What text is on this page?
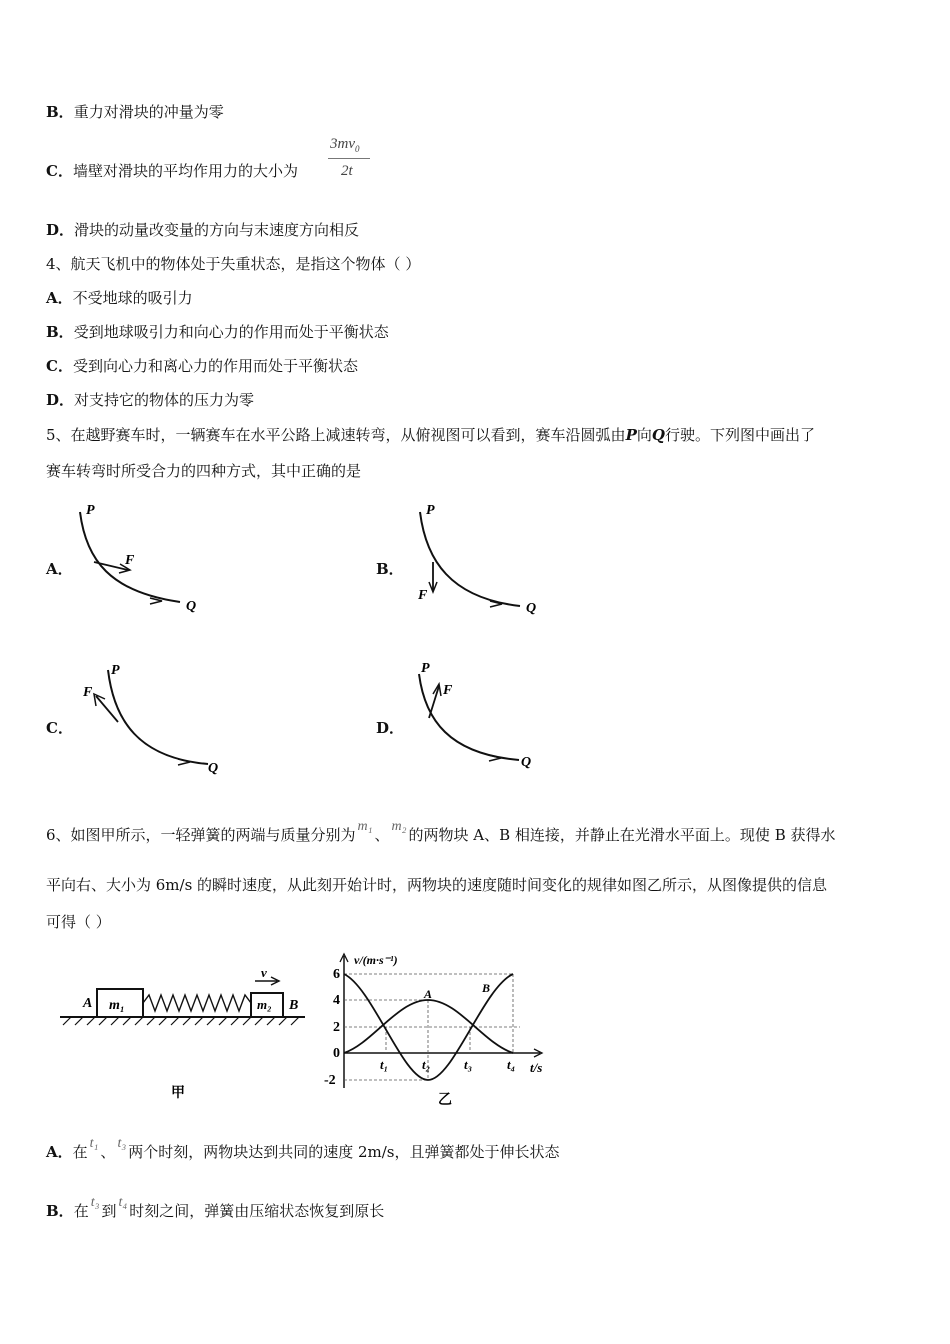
B．重力对滑块的冲量为零
C．墙壁对滑块的平均作用力的大小为
$3mv_0$
2t
D．滑块的动量改变量的方向与末速度方向相反
4、航天飞机中的物体处于失重状态，是指这个物体（ ）
A．不受地球的吸引力
B．受到地球吸引力和向心力的作用而处于平衡状态
C．受到向心力和离心力的作用而处于平衡状态
D．对支持它的物体的压力为零
5、在越野赛车时，一辆赛车在水平公路上减速转弯，从俯视图可以看到，赛车沿圆弧由P向Q行驶。下列图中画出了
赛车转弯时所受合力的四种方式，其中正确的是
A．	B．
C．	D．
P
F
Q
P
F
Q
P
F
Q
P
F
Q
6、如图甲所示，一轻弹簧的两端与质量分别为 m₁ 、 m₂ 的两物块 A、B 相连接，并静止在光滑水平面上。现使 B 获得水
平向右、大小为 6m/s 的瞬时速度，从此刻开始计时，两物块的速度随时间变化的规律如图乙所示，从图像提供的信息
可得（ ）
A m₁	m₂ B
v
甲
6
4
2
0
-2
t₁	t₂	t₃	t₄
v/(m·s⁻¹)
t/s
A	B
乙
A．在 t₁ 、 t₃ 两个时刻，两物块达到共同的速度 2m/s，且弹簧都处于伸长状态
B．在 t₃ 到 t₄ 时刻之间，弹簧由压缩状态恢复到原长
